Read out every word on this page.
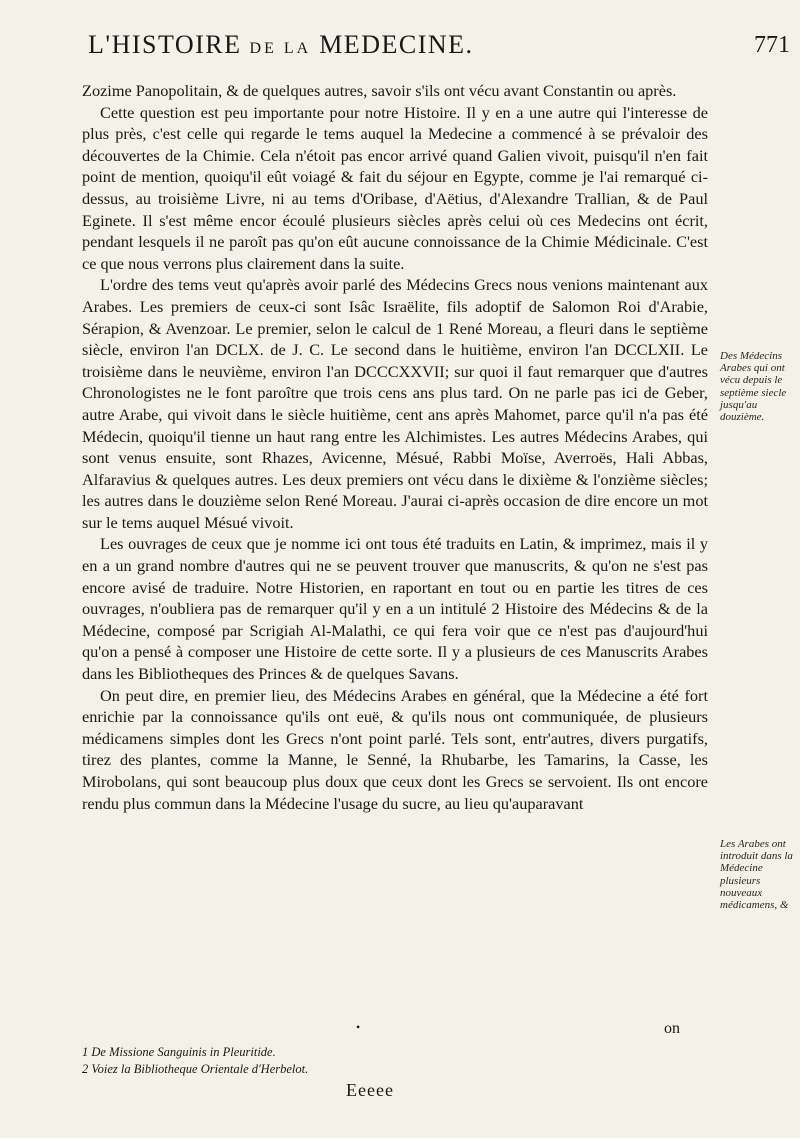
L'HISTOIRE DE LA MEDECINE.	771

Zozime Panopolitain, & de quelques autres, savoir s'ils ont vécu avant Constantin ou après.

Cette question est peu importante pour notre Histoire. Il y en a une autre qui l'interesse de plus près, c'est celle qui regarde le tems auquel la Medecine a commencé à se prévaloir des découvertes de la Chimie. Cela n'étoit pas encor arrivé quand Galien vivoit, puisqu'il n'en fait point de mention, quoiqu'il eût voiagé & fait du séjour en Egypte, comme je l'ai remarqué ci-dessus, au troisième Livre, ni au tems d'Oribase, d'Aëtius, d'Alexandre Trallian, & de Paul Eginete. Il s'est même encor écoulé plusieurs siècles après celui où ces Medecins ont écrit, pendant lesquels il ne paroît pas qu'on eût aucune connoissance de la Chimie Médicinale. C'est ce que nous verrons plus clairement dans la suite.

L'ordre des tems veut qu'après avoir parlé des Médecins Grecs nous venions maintenant aux Arabes. Les premiers de ceux-ci sont Isâc Israëlite, fils adoptif de Salomon Roi d'Arabie, Sérapion, & Avenzoar. Le premier, selon le calcul de 1 René Moreau, a fleuri dans le septième siècle, environ l'an DCLX. de J. C. Le second dans le huitième, environ l'an DCCLXII. Le troisième dans le neuvième, environ l'an DCCCXXVII; sur quoi il faut remarquer que d'autres Chronologistes ne le font paroître que trois cens ans plus tard. On ne parle pas ici de Geber, autre Arabe, qui vivoit dans le siècle huitième, cent ans après Mahomet, parce qu'il n'a pas été Médecin, quoiqu'il tienne un haut rang entre les Alchimistes. Les autres Médecins Arabes, qui sont venus ensuite, sont Rhazes, Avicenne, Mésué, Rabbi Moïse, Averroës, Hali Abbas, Alfaravius & quelques autres. Les deux premiers ont vécu dans le dixième & l'onzième siècles; les autres dans le douzième selon René Moreau. J'aurai ci-après occasion de dire encore un mot sur le tems auquel Mésué vivoit.

Les ouvrages de ceux que je nomme ici ont tous été traduits en Latin, & imprimez, mais il y en a un grand nombre d'autres qui ne se peuvent trouver que manuscrits, & qu'on ne s'est pas encore avisé de traduire. Notre Historien, en raportant en tout ou en partie les titres de ces ouvrages, n'oubliera pas de remarquer qu'il y en a un intitulé 2 Histoire des Médecins & de la Médecine, composé par Scrigiah Al-Malathi, ce qui fera voir que ce n'est pas d'aujourd'hui qu'on a pensé à composer une Histoire de cette sorte. Il y a plusieurs de ces Manuscrits Arabes dans les Bibliotheques des Princes & de quelques Savans.

On peut dire, en premier lieu, des Médecins Arabes en général, que la Médecine a été fort enrichie par la connoissance qu'ils ont euë, & qu'ils nous ont communiquée, de plusieurs médicamens simples dont les Grecs n'ont point parlé. Tels sont, entr'autres, divers purgatifs, tirez des plantes, comme la Manne, le Senné, la Rhubarbe, les Tamarins, la Casse, les Mirobolans, qui sont beaucoup plus doux que ceux dont les Grecs se servoient. Ils ont encore rendu plus commun dans la Médecine l'usage du sucre, au lieu qu'auparavant

Des Médecins Arabes qui ont vécu depuis le septième siecle jusqu'au douzième.
Les Arabes ont introduit dans la Médecine plusieurs nouveaux médicamens, &
•	on
1 De Missione Sanguinis in Pleuritide.
2 Voiez la Bibliotheque Orientale d'Herbelot.
Eeeee
